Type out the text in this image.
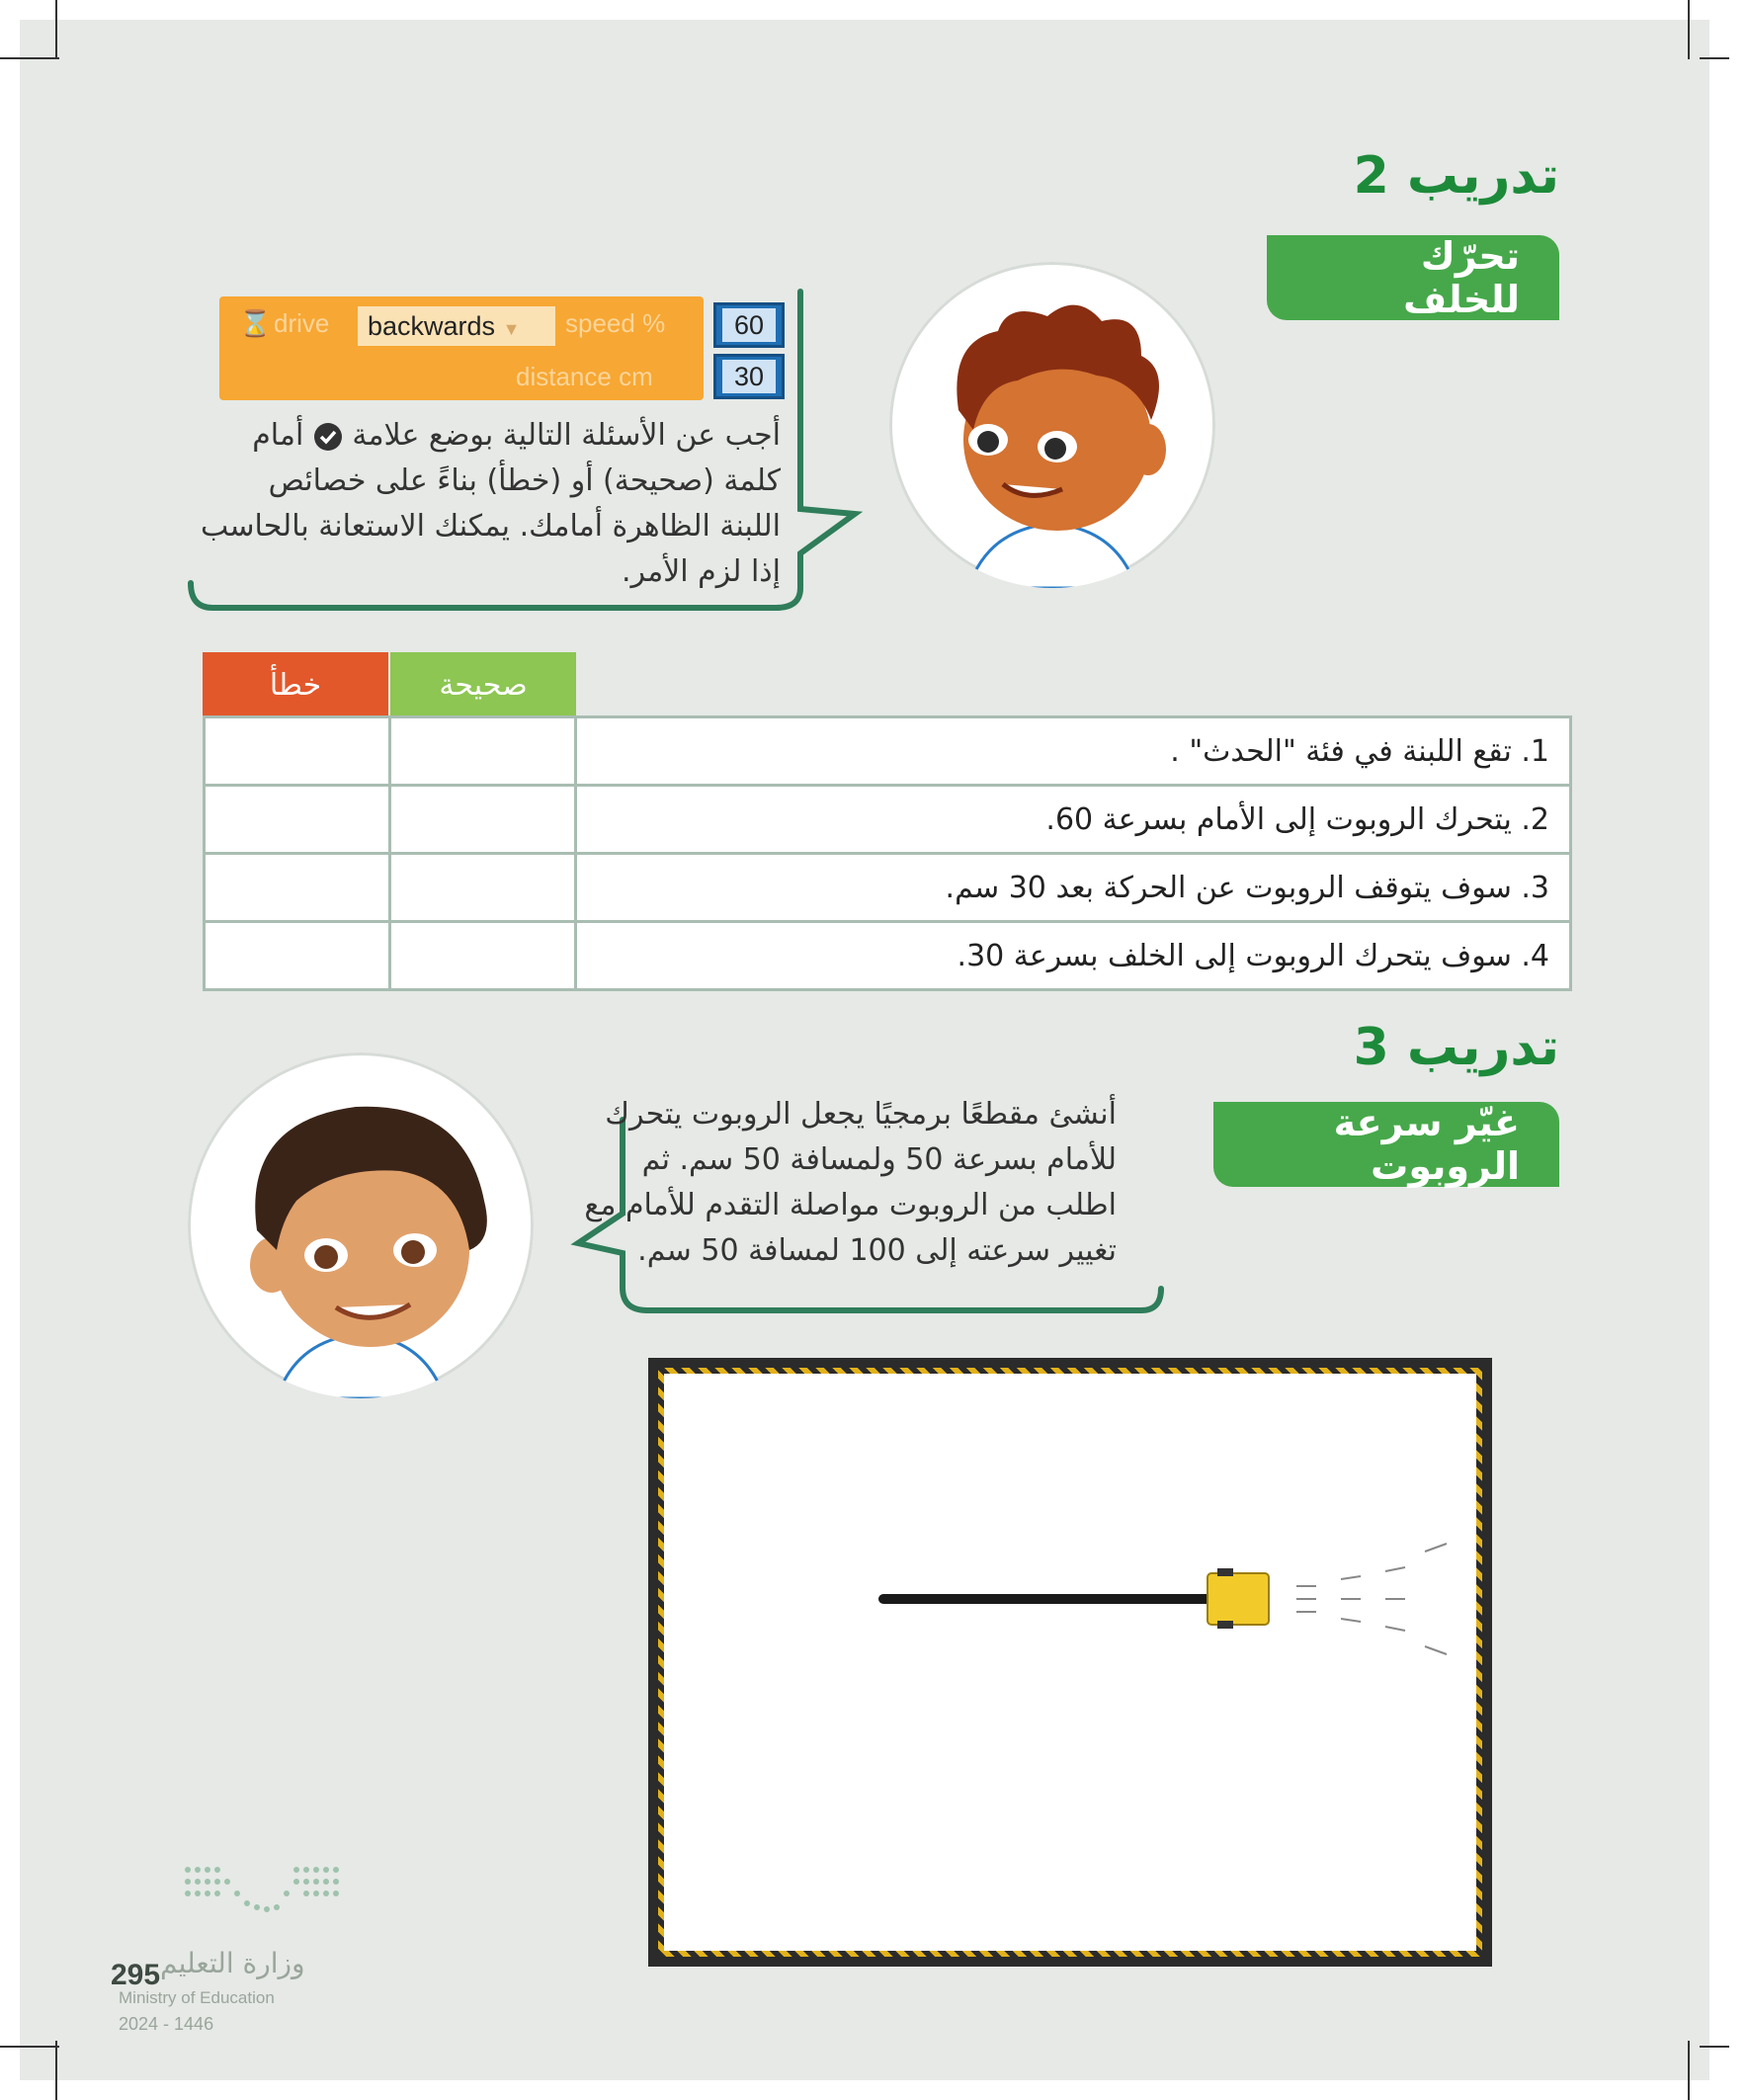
تدريب 2
تحرّك للخلف
⌛ drive	backwards ▼	speed %
distance cm
60
30
أجب عن الأسئلة التالية بوضع علامة  أمام
كلمة (صحيحة) أو (خطأ) بناءً على خصائص
اللبنة الظاهرة أمامك. يمكنك الاستعانة بالحاسب
إذا لزم الأمر.
خطأ	صحيحة
		1. تقع اللبنة في فئة "الحدث" .
		2. يتحرك الروبوت إلى الأمام بسرعة 60.
		3. سوف يتوقف الروبوت عن الحركة بعد 30 سم.
		4. سوف يتحرك الروبوت إلى الخلف بسرعة 30.
تدريب 3
غيّر سرعة الروبوت
أنشئ مقطعًا برمجيًا يجعل الروبوت يتحرك
للأمام بسرعة 50 ولمسافة 50 سم. ثم
اطلب من الروبوت مواصلة التقدم للأمام مع
تغيير سرعته إلى 100 لمسافة 50 سم.
وزارة التعليم
295
Ministry of Education
2024 - 1446
